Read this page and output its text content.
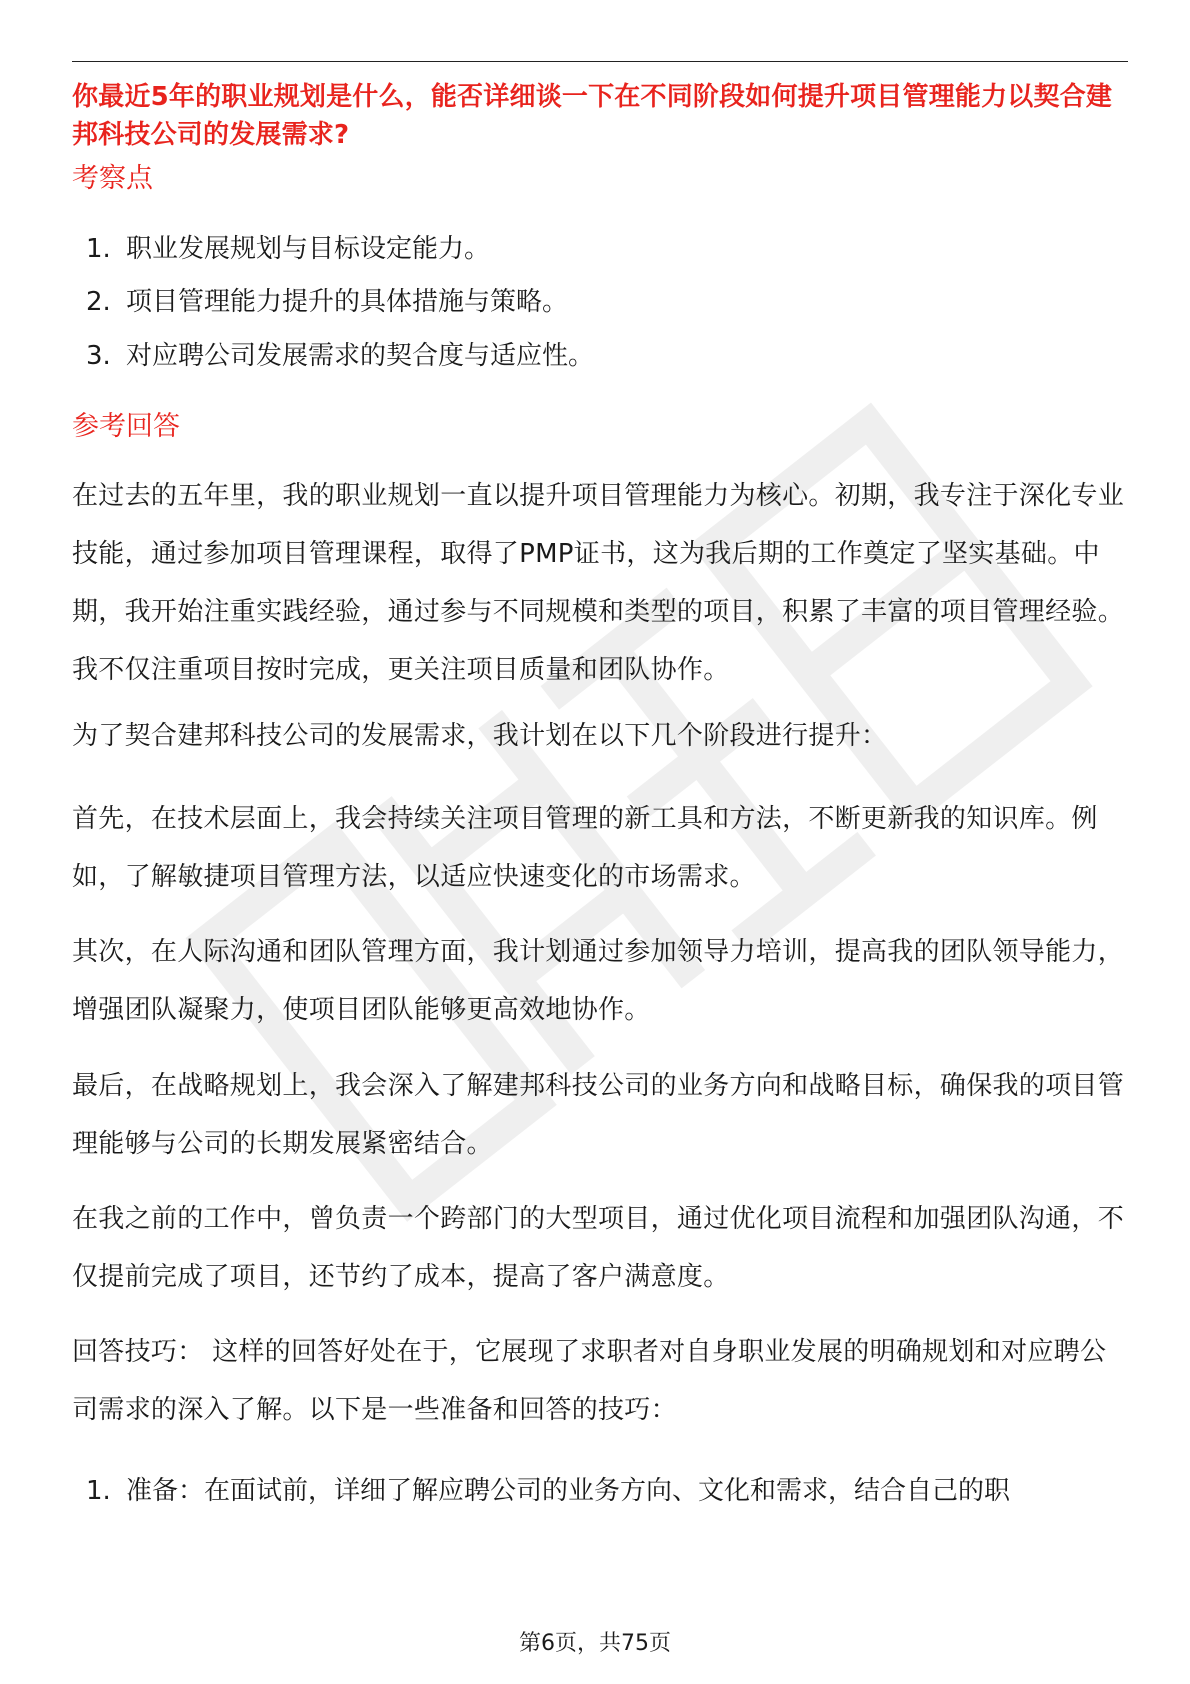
你最近5年的职业规划是什么，能否详细谈一下在不同阶段如何提升项目管理能力以契合建邦科技公司的发展需求?
考察点
1. 职业发展规划与目标设定能力。
2. 项目管理能力提升的具体措施与策略。
3. 对应聘公司发展需求的契合度与适应性。
参考回答

在过去的五年里，我的职业规划一直以提升项目管理能力为核心。初期，我专注于深化专业技能，通过参加项目管理课程，取得了PMP证书，这为我后期的工作奠定了坚实基础。中期，我开始注重实践经验，通过参与不同规模和类型的项目，积累了丰富的项目管理经验。我不仅注重项目按时完成，更关注项目质量和团队协作。

为了契合建邦科技公司的发展需求，我计划在以下几个阶段进行提升：

首先，在技术层面上，我会持续关注项目管理的新工具和方法，不断更新我的知识库。例如，了解敏捷项目管理方法，以适应快速变化的市场需求。

其次，在人际沟通和团队管理方面，我计划通过参加领导力培训，提高我的团队领导能力，增强团队凝聚力，使项目团队能够更高效地协作。

最后，在战略规划上，我会深入了解建邦科技公司的业务方向和战略目标，确保我的项目管理能够与公司的长期发展紧密结合。

在我之前的工作中，曾负责一个跨部门的大型项目，通过优化项目流程和加强团队沟通，不仅提前完成了项目，还节约了成本，提高了客户满意度。

回答技巧： 这样的回答好处在于，它展现了求职者对自身职业发展的明确规划和对应聘公司需求的深入了解。以下是一些准备和回答的技巧：

1. 准备：在面试前，详细了解应聘公司的业务方向、文化和需求，结合自己的职
第6页，共75页
